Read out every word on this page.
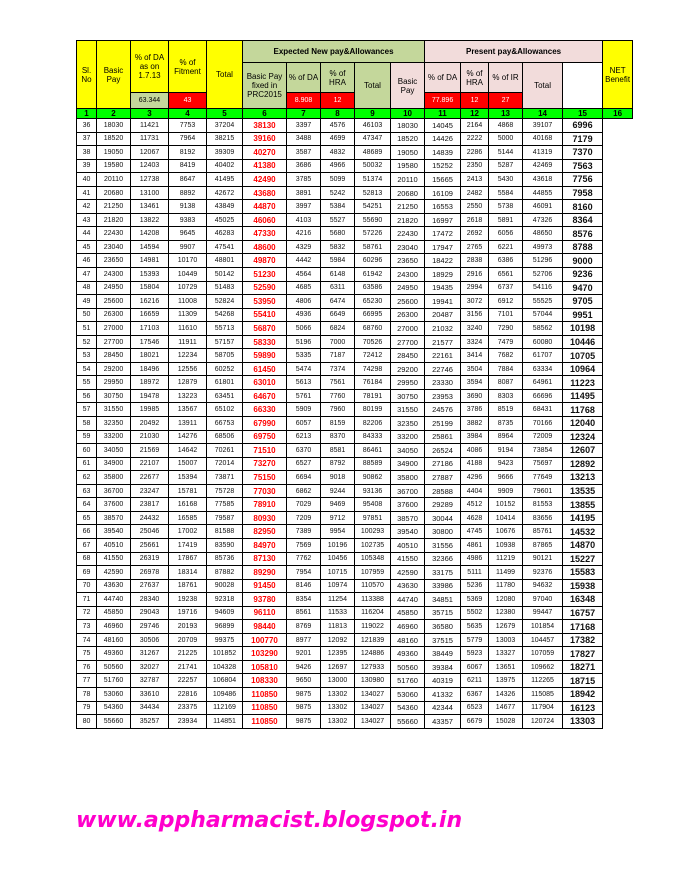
Sl. No	Basic Pay	% of DA as on 1.7.13	% of Fitment	Total	Expected New pay&Allowances					Present pay&Allowances					NET Benefit
					Basic Pay fixed in PRC2015	% of DA	% of HRA	Total	Basic Pay	% of DA	% of HRA	% of IR	Total		
		63.344	43			8.908	12			77.896	12	27			
1	2	3	4	5	6	7	8	9	10	11	12	13	14	15	16
36	18030	11421	7753	37204	38130	3397	4576	46103	18030	14045	2164	4868	39107	6996	
37	18520	11731	7964	38215	39160	3488	4699	47347	18520	14426	2222	5000	40168	7179	
38	19050	12067	8192	39309	40270	3587	4832	48689	19050	14839	2286	5144	41319	7370	
39	19580	12403	8419	40402	41380	3686	4966	50032	19580	15252	2350	5287	42469	7563	
40	20110	12738	8647	41495	42490	3785	5099	51374	20110	15665	2413	5430	43618	7756	
41	20680	13100	8892	42672	43680	3891	5242	52813	20680	16109	2482	5584	44855	7958	
42	21250	13461	9138	43849	44870	3997	5384	54251	21250	16553	2550	5738	46091	8160	
43	21820	13822	9383	45025	46060	4103	5527	55690	21820	16997	2618	5891	47326	8364	
44	22430	14208	9645	46283	47330	4216	5680	57226	22430	17472	2692	6056	48650	8576	
45	23040	14594	9907	47541	48600	4329	5832	58761	23040	17947	2765	6221	49973	8788	
46	23650	14981	10170	48801	49870	4442	5984	60296	23650	18422	2838	6386	51296	9000	
47	24300	15393	10449	50142	51230	4564	6148	61942	24300	18929	2916	6561	52706	9236	
48	24950	15804	10729	51483	52590	4685	6311	63586	24950	19435	2994	6737	54116	9470	
49	25600	16216	11008	52824	53950	4806	6474	65230	25600	19941	3072	6912	55525	9705	
50	26300	16659	11309	54268	55410	4936	6649	66995	26300	20487	3156	7101	57044	9951	
51	27000	17103	11610	55713	56870	5066	6824	68760	27000	21032	3240	7290	58562	10198	
52	27700	17546	11911	57157	58330	5196	7000	70526	27700	21577	3324	7479	60080	10446	
53	28450	18021	12234	58705	59890	5335	7187	72412	28450	22161	3414	7682	61707	10705	
54	29200	18496	12556	60252	61450	5474	7374	74298	29200	22746	3504	7884	63334	10964	
55	29950	18972	12879	61801	63010	5613	7561	76184	29950	23330	3594	8087	64961	11223	
56	30750	19478	13223	63451	64670	5761	7760	78191	30750	23953	3690	8303	66696	11495	
57	31550	19985	13567	65102	66330	5909	7960	80199	31550	24576	3786	8519	68431	11768	
58	32350	20492	13911	66753	67990	6057	8159	82206	32350	25199	3882	8735	70166	12040	
59	33200	21030	14276	68506	69750	6213	8370	84333	33200	25861	3984	8964	72009	12324	
60	34050	21569	14642	70261	71510	6370	8581	86461	34050	26524	4086	9194	73854	12607	
61	34900	22107	15007	72014	73270	6527	8792	88589	34900	27186	4188	9423	75697	12892	
62	35800	22677	15394	73871	75150	6694	9018	90862	35800	27887	4296	9666	77649	13213	
63	36700	23247	15781	75728	77030	6862	9244	93136	36700	28588	4404	9909	79601	13535	
64	37600	23817	16168	77585	78910	7029	9469	95408	37600	29289	4512	10152	81553	13855	
65	38570	24432	16585	79587	80930	7209	9712	97851	38570	30044	4628	10414	83656	14195	
66	39540	25046	17002	81588	82950	7389	9954	100293	39540	30800	4745	10676	85761	14532	
67	40510	25661	17419	83590	84970	7569	10196	102735	40510	31556	4861	10938	87865	14870	
68	41550	26319	17867	85736	87130	7762	10456	105348	41550	32366	4986	11219	90121	15227	
69	42590	26978	18314	87882	89290	7954	10715	107959	42590	33175	5111	11499	92376	15583	
70	43630	27637	18761	90028	91450	8146	10974	110570	43630	33986	5236	11780	94632	15938	
71	44740	28340	19238	92318	93780	8354	11254	113388	44740	34851	5369	12080	97040	16348	
72	45850	29043	19716	94609	96110	8561	11533	116204	45850	35715	5502	12380	99447	16757	
73	46960	29746	20193	96899	98440	8769	11813	119022	46960	36580	5635	12679	101854	17168	
74	48160	30506	20709	99375	100770	8977	12092	121839	48160	37515	5779	13003	104457	17382	
75	49360	31267	21225	101852	103290	9201	12395	124886	49360	38449	5923	13327	107059	17827	
76	50560	32027	21741	104328	105810	9426	12697	127933	50560	39384	6067	13651	109662	18271	
77	51760	32787	22257	106804	108330	9650	13000	130980	51760	40319	6211	13975	112265	18715	
78	53060	33610	22816	109486	110850	9875	13302	134027	53060	41332	6367	14326	115085	18942	
79	54360	34434	23375	112169	110850	9875	13302	134027	54360	42344	6523	14677	117904	16123	
80	55660	35257	23934	114851	110850	9875	13302	134027	55660	43357	6679	15028	120724	13303	
www.appharmacist.blogspot.in
